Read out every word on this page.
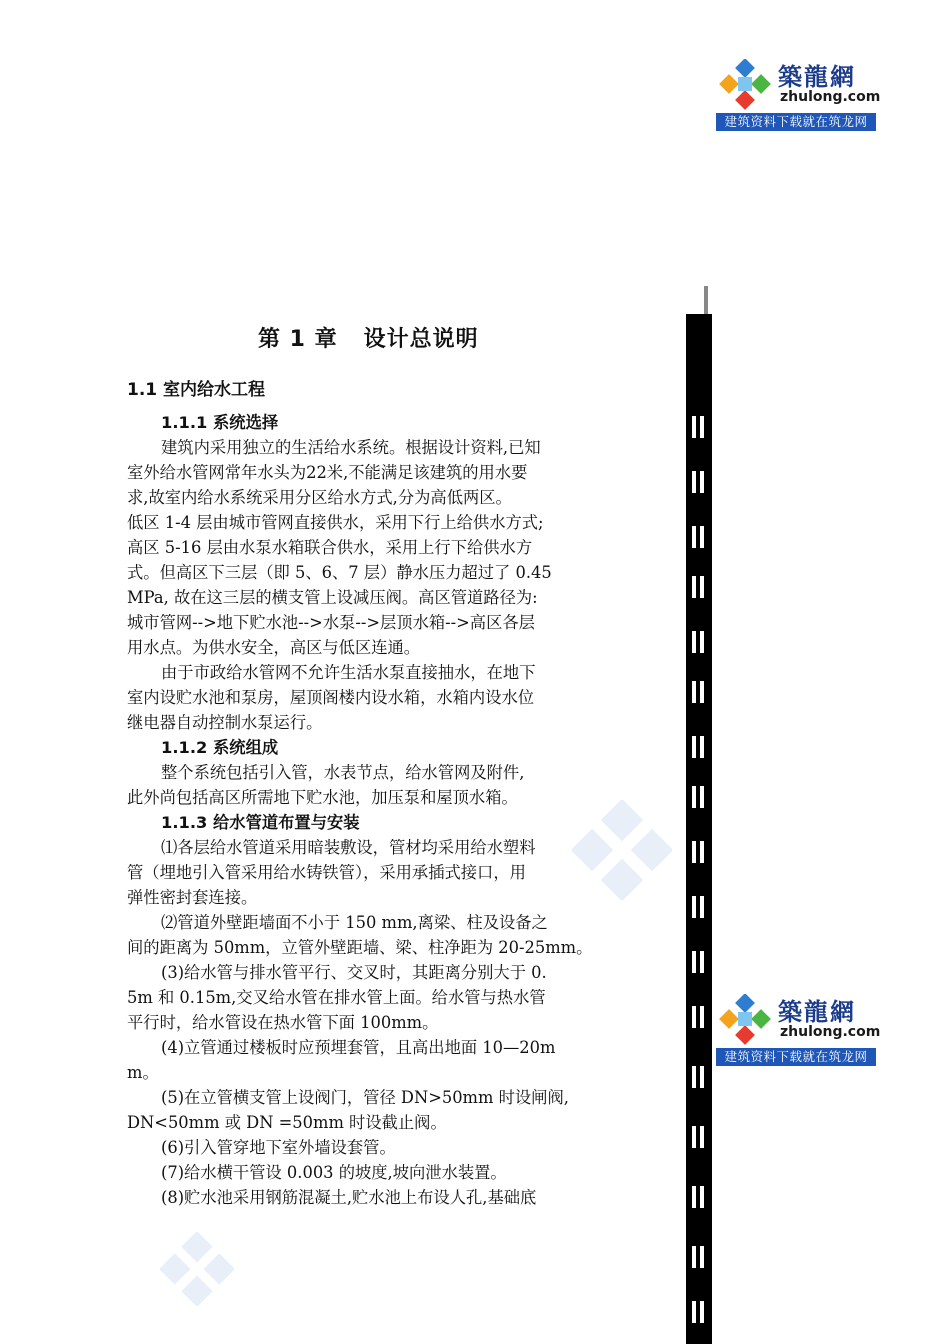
築龍網
zhulong.com
建筑资料下载就在筑龙网
築龍網
zhulong.com
建筑资料下载就在筑龙网
第 1 章   设计总说明
1.1 室内给水工程
1.1.1 系统选择
建筑内采用独立的生活给水系统。根据设计资料,已知
室外给水管网常年水头为22米,不能满足该建筑的用水要
求,故室内给水系统采用分区给水方式,分为高低两区。
低区 1-4 层由城市管网直接供水，采用下行上给供水方式;
高区 5-16 层由水泵水箱联合供水，采用上行下给供水方
式。但高区下三层（即 5、6、7 层）静水压力超过了 0.45
MPa, 故在这三层的横支管上设减压阀。高区管道路径为:
城市管网-->地下贮水池-->水泵-->层顶水箱-->高区各层
用水点。为供水安全，高区与低区连通。
由于市政给水管网不允许生活水泵直接抽水，在地下
室内设贮水池和泵房，屋顶阁楼内设水箱，水箱内设水位
继电器自动控制水泵运行。
1.1.2 系统组成
整个系统包括引入管，水表节点，给水管网及附件,
此外尚包括高区所需地下贮水池，加压泵和屋顶水箱。
1.1.3 给水管道布置与安装
⑴各层给水管道采用暗装敷设，管材均采用给水塑料
管（埋地引入管采用给水铸铁管），采用承插式接口，用
弹性密封套连接。
⑵管道外壁距墙面不小于 150 mm,离梁、柱及设备之
间的距离为 50mm，立管外壁距墙、梁、柱净距为 20-25mm。
(3)给水管与排水管平行、交叉时，其距离分别大于 0.
5m 和 0.15m,交叉给水管在排水管上面。给水管与热水管
平行时，给水管设在热水管下面 100mm。
(4)立管通过楼板时应预埋套管，且高出地面 10—20m
m。
(5)在立管横支管上设阀门，管径 DN>50mm 时设闸阀,
DN<50mm 或 DN =50mm 时设截止阀。
(6)引入管穿地下室外墙设套管。
(7)给水横干管设 0.003 的坡度,坡向泄水装置。
(8)贮水池采用钢筋混凝土,贮水池上布设人孔,基础底
